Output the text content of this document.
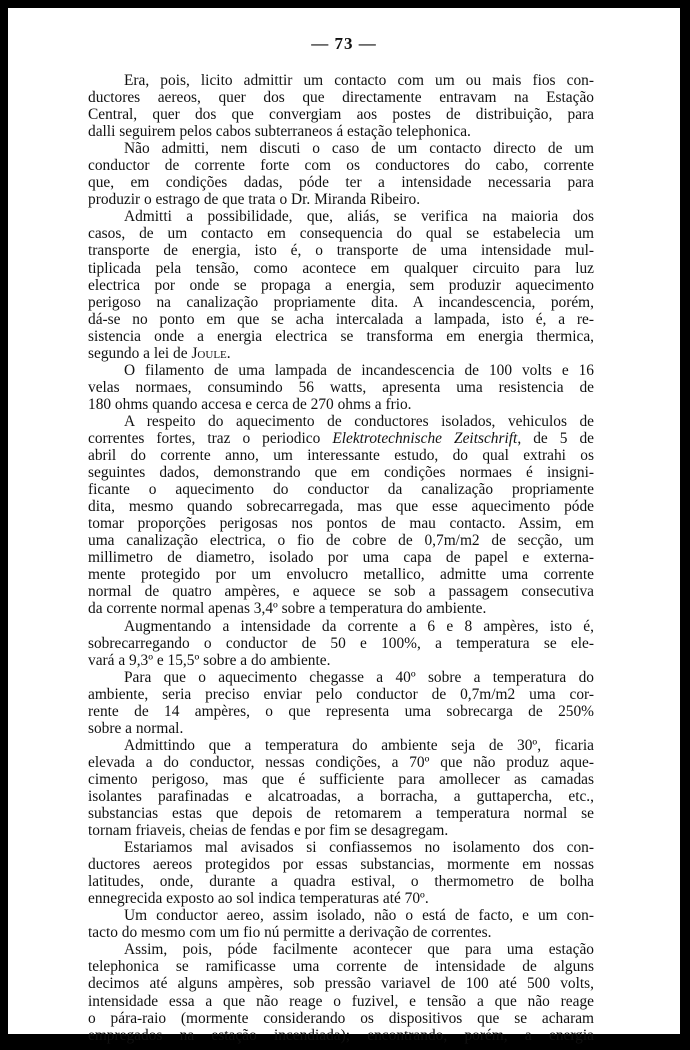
— 73 —

Era, pois, licito admittir um contacto com um ou mais fios con-

ductores aereos, quer dos que directamente entravam na Estação

Central, quer dos que convergiam aos postes de distribuição, para

dalli seguirem pelos cabos subterraneos á estação telephonica.

Não admitti, nem discuti o caso de um contacto directo de um

conductor de corrente forte com os conductores do cabo, corrente

que, em condições dadas, póde ter a intensidade necessaria para

produzir o estrago de que trata o Dr. Miranda Ribeiro.

Admitti a possibilidade, que, aliás, se verifica na maioria dos

casos, de um contacto em consequencia do qual se estabelecia um

transporte de energia, isto é, o transporte de uma intensidade mul-

tiplicada pela tensão, como acontece em qualquer circuito para luz

electrica por onde se propaga a energia, sem produzir aquecimento

perigoso na canalização propriamente dita. A incandescencia, porém,

dá-se no ponto em que se acha intercalada a lampada, isto é, a re-

sistencia onde a energia electrica se transforma em energia thermica,

segundo a lei de Joule.

O filamento de uma lampada de incandescencia de 100 volts e 16

velas normaes, consumindo 56 watts, apresenta uma resistencia de

180 ohms quando accesa e cerca de 270 ohms a frio.

A respeito do aquecimento de conductores isolados, vehiculos de

correntes fortes, traz o periodico Elektrotechnische Zeitschrift, de 5 de

abril do corrente anno, um interessante estudo, do qual extrahi os

seguintes dados, demonstrando que em condições normaes é insigni-

ficante o aquecimento do conductor da canalização propriamente

dita, mesmo quando sobrecarregada, mas que esse aquecimento póde

tomar proporções perigosas nos pontos de mau contacto. Assim, em

uma canalização electrica, o fio de cobre de 0,7m/m2 de secção, um

millimetro de diametro, isolado por uma capa de papel e externa-

mente protegido por um envolucro metallico, admitte uma corrente

normal de quatro ampères, e aquece se sob a passagem consecutiva

da corrente normal apenas 3,4º sobre a temperatura do ambiente.

Augmentando a intensidade da corrente a 6 e 8 ampères, isto é,

sobrecarregando o conductor de 50 e 100%, a temperatura se ele-

vará a 9,3º e 15,5º sobre a do ambiente.

Para que o aquecimento chegasse a 40º sobre a temperatura do

ambiente, seria preciso enviar pelo conductor de 0,7m/m2 uma cor-

rente de 14 ampères, o que representa uma sobrecarga de 250%

sobre a normal.

Admittindo que a temperatura do ambiente seja de 30º, ficaria

elevada a do conductor, nessas condições, a 70º que não produz aque-

cimento perigoso, mas que é sufficiente para amollecer as camadas

isolantes parafinadas e alcatroadas, a borracha, a guttapercha, etc.,

substancias estas que depois de retomarem a temperatura normal se

tornam friaveis, cheias de fendas e por fim se desagregam.

Estariamos mal avisados si confiassemos no isolamento dos con-

ductores aereos protegidos por essas substancias, mormente em nossas

latitudes, onde, durante a quadra estival, o thermometro de bolha

ennegrecida exposto ao sol indica temperaturas até 70º.

Um conductor aereo, assim isolado, não o está de facto, e um con-

tacto do mesmo com um fio nú permitte a derivação de correntes.

Assim, pois, póde facilmente acontecer que para uma estação

telephonica se ramificasse uma corrente de intensidade de alguns

decimos até alguns ampères, sob pressão variavel de 100 até 500 volts,

intensidade essa a que não reage o fuzivel, e tensão a que não reage

o pára-raio (mormente considerando os dispositivos que se acharam

empregados na estação incendiada); encontrando, porém, a energia
